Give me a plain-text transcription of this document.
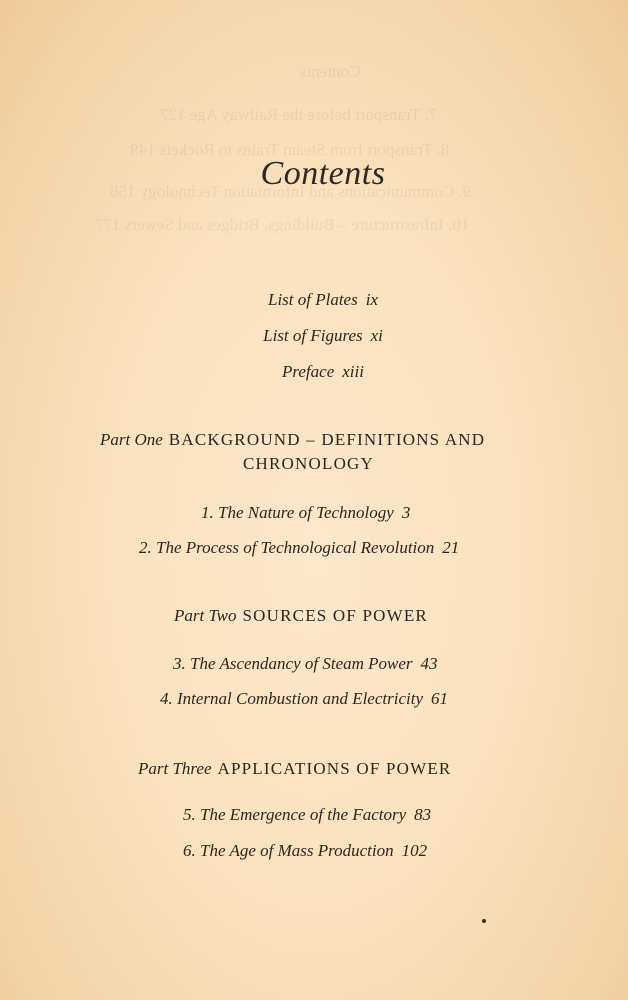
Contents
7. Transport before the Railway Age 127
8. Transport from Steam Trains to Rockets 149
9. Communications and Information Technology 158
10. Infrastructure – Buildings, Bridges and Sewers 177
Contents
List of Plates ix
List of Figures xi
Preface xiii
Part One BACKGROUND – DEFINITIONS AND
CHRONOLOGY
1. The Nature of Technology 3
2. The Process of Technological Revolution 21
Part Two SOURCES OF POWER
3. The Ascendancy of Steam Power 43
4. Internal Combustion and Electricity 61
Part Three APPLICATIONS OF POWER
5. The Emergence of the Factory 83
6. The Age of Mass Production 102
